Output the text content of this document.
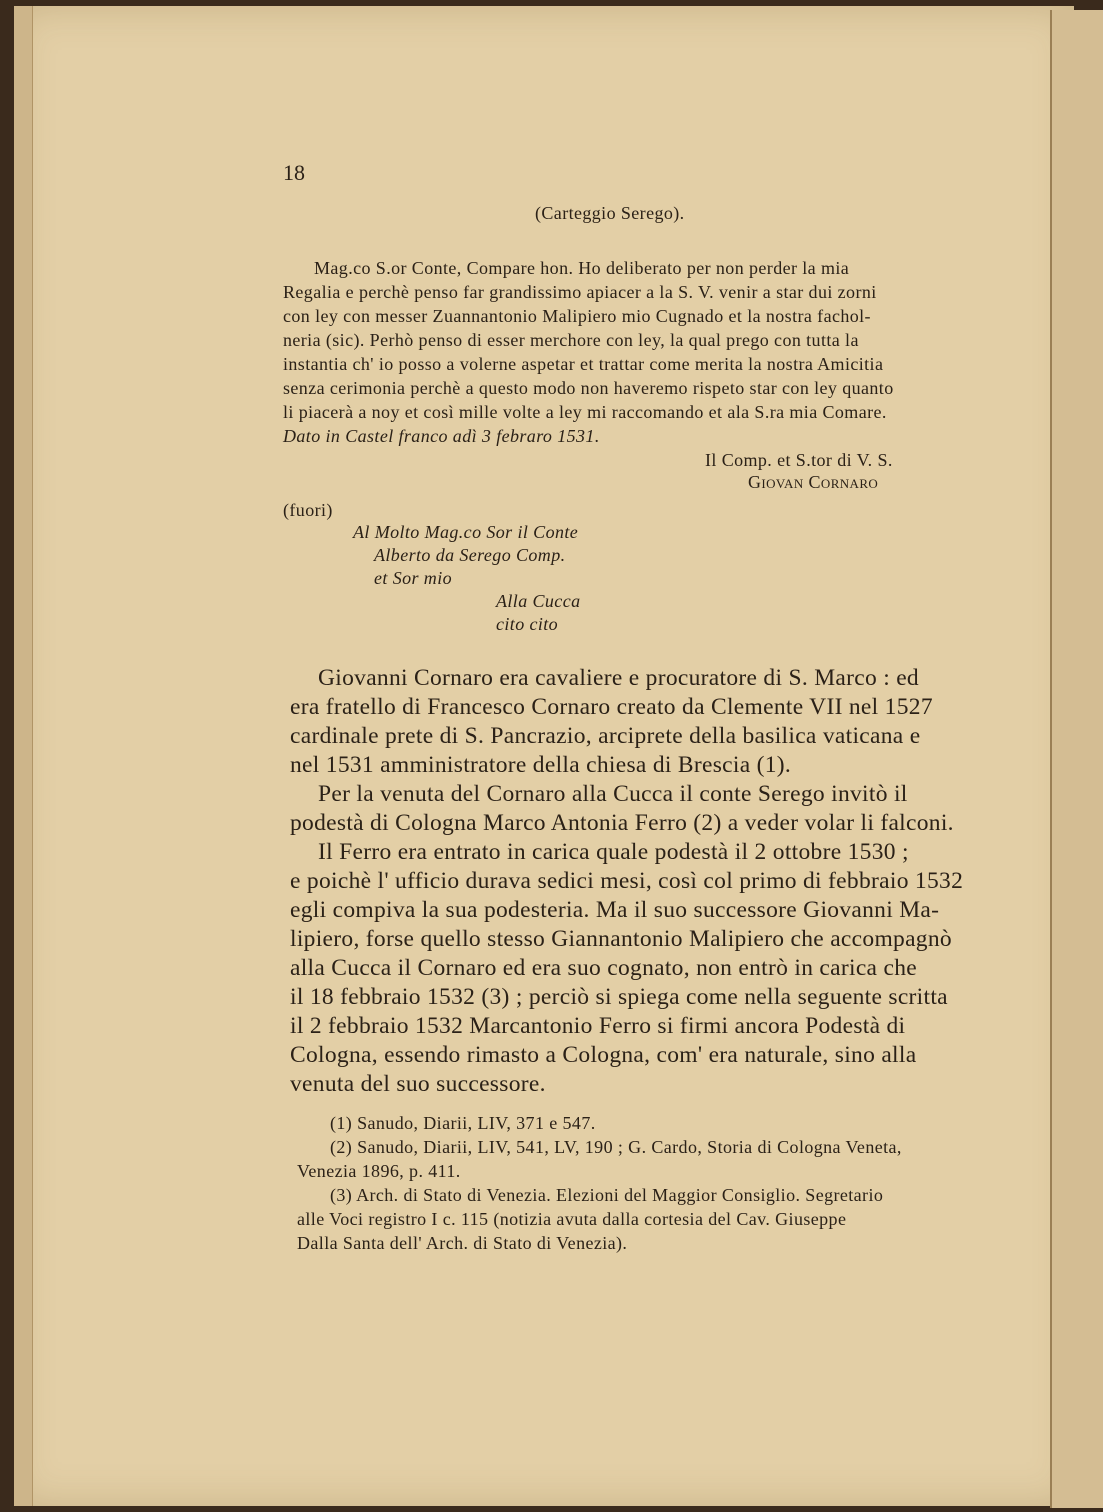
18
(Carteggio Serego).
Mag.co S.or Conte, Compare hon. Ho deliberato per non perder la mia
Regalia e perchè penso far grandissimo apiacer a la S. V. venir a star dui zorni
con ley con messer Zuannantonio Malipiero mio Cugnado et la nostra fachol-
neria (sic). Perhò penso di esser merchore con ley, la qual prego con tutta la
instantia ch' io posso a volerne aspetar et trattar come merita la nostra Amicitia
senza cerimonia perchè a questo modo non haveremo rispeto star con ley quanto
li piacerà a noy et così mille volte a ley mi raccomando et ala S.ra mia Comare.
Dato in Castel franco adì 3 febraro 1531.
Il Comp. et S.tor di V. S.
Giovan Cornaro
(fuori)
Al Molto Mag.co Sor il Conte
Alberto da Serego Comp.
et Sor mio
Alla Cucca
cito cito
Giovanni Cornaro era cavaliere e procuratore di S. Marco : ed
era fratello di Francesco Cornaro creato da Clemente VII nel 1527
cardinale prete di S. Pancrazio, arciprete della basilica vaticana e
nel 1531 amministratore della chiesa di Brescia (1).
Per la venuta del Cornaro alla Cucca il conte Serego invitò il
podestà di Cologna Marco Antonia Ferro (2) a veder volar li falconi.
Il Ferro era entrato in carica quale podestà il 2 ottobre 1530 ;
e poichè l' ufficio durava sedici mesi, così col primo di febbraio 1532
egli compiva la sua podesteria. Ma il suo successore Giovanni Ma-
lipiero, forse quello stesso Giannantonio Malipiero che accompagnò
alla Cucca il Cornaro ed era suo cognato, non entrò in carica che
il 18 febbraio 1532 (3) ; perciò si spiega come nella seguente scritta
il 2 febbraio 1532 Marcantonio Ferro si firmi ancora Podestà di
Cologna, essendo rimasto a Cologna, com' era naturale, sino alla
venuta del suo successore.
(1) Sanudo, Diarii, LIV, 371 e 547.
(2) Sanudo, Diarii, LIV, 541, LV, 190 ; G. Cardo, Storia di Cologna Veneta,
Venezia 1896, p. 411.
(3) Arch. di Stato di Venezia. Elezioni del Maggior Consiglio. Segretario
alle Voci registro I c. 115 (notizia avuta dalla cortesia del Cav. Giuseppe
Dalla Santa dell' Arch. di Stato di Venezia).
